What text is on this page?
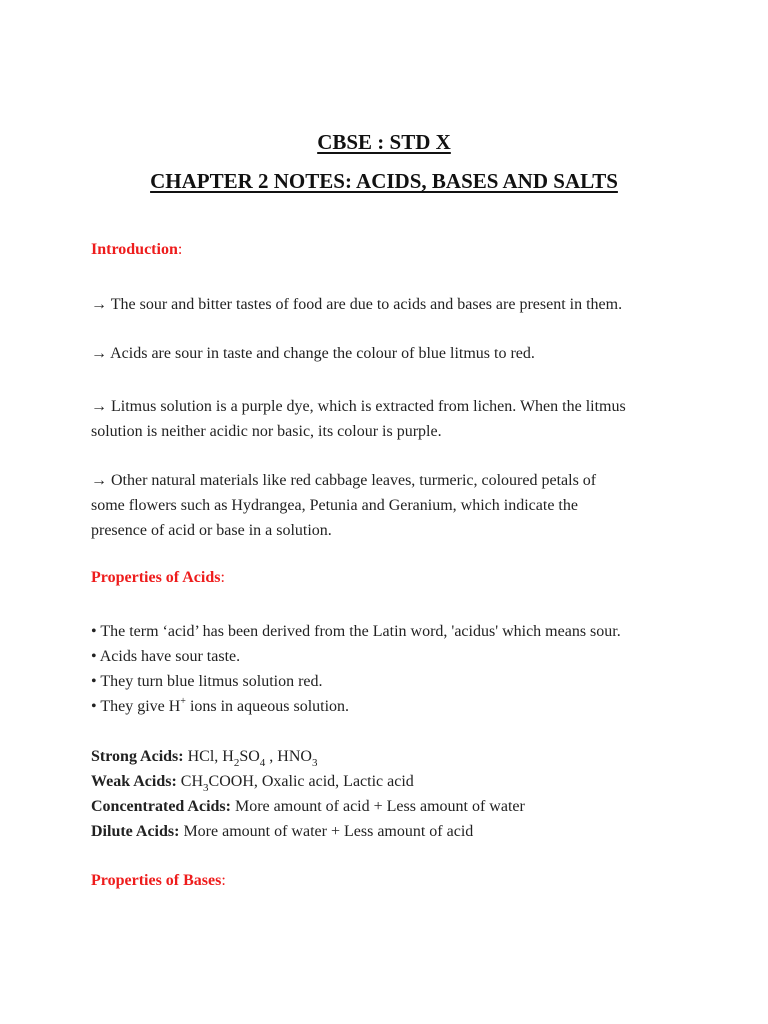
CBSE : STD X
CHAPTER 2 NOTES: ACIDS, BASES AND SALTS
Introduction:
→ The sour and bitter tastes of food are due to acids and bases are present in them.
→ Acids are sour in taste and change the colour of blue litmus to red.
→ Litmus solution is a purple dye, which is extracted from lichen. When the litmus
solution is neither acidic nor basic, its colour is purple.
→ Other natural materials like red cabbage leaves, turmeric, coloured petals of
some flowers such as Hydrangea, Petunia and Geranium, which indicate the
presence of acid or base in a solution.
Properties of Acids:
• The term ‘acid’ has been derived from the Latin word, 'acidus' which means sour.
• Acids have sour taste.
• They turn blue litmus solution red.
• They give H+ ions in aqueous solution.
Strong Acids: HCl, $H_2SO_4$ , $HNO_3$
Weak Acids: $CH_3COOH$, Oxalic acid, Lactic acid
Concentrated Acids: More amount of acid + Less amount of water
Dilute Acids: More amount of water + Less amount of acid
Properties of Bases:
